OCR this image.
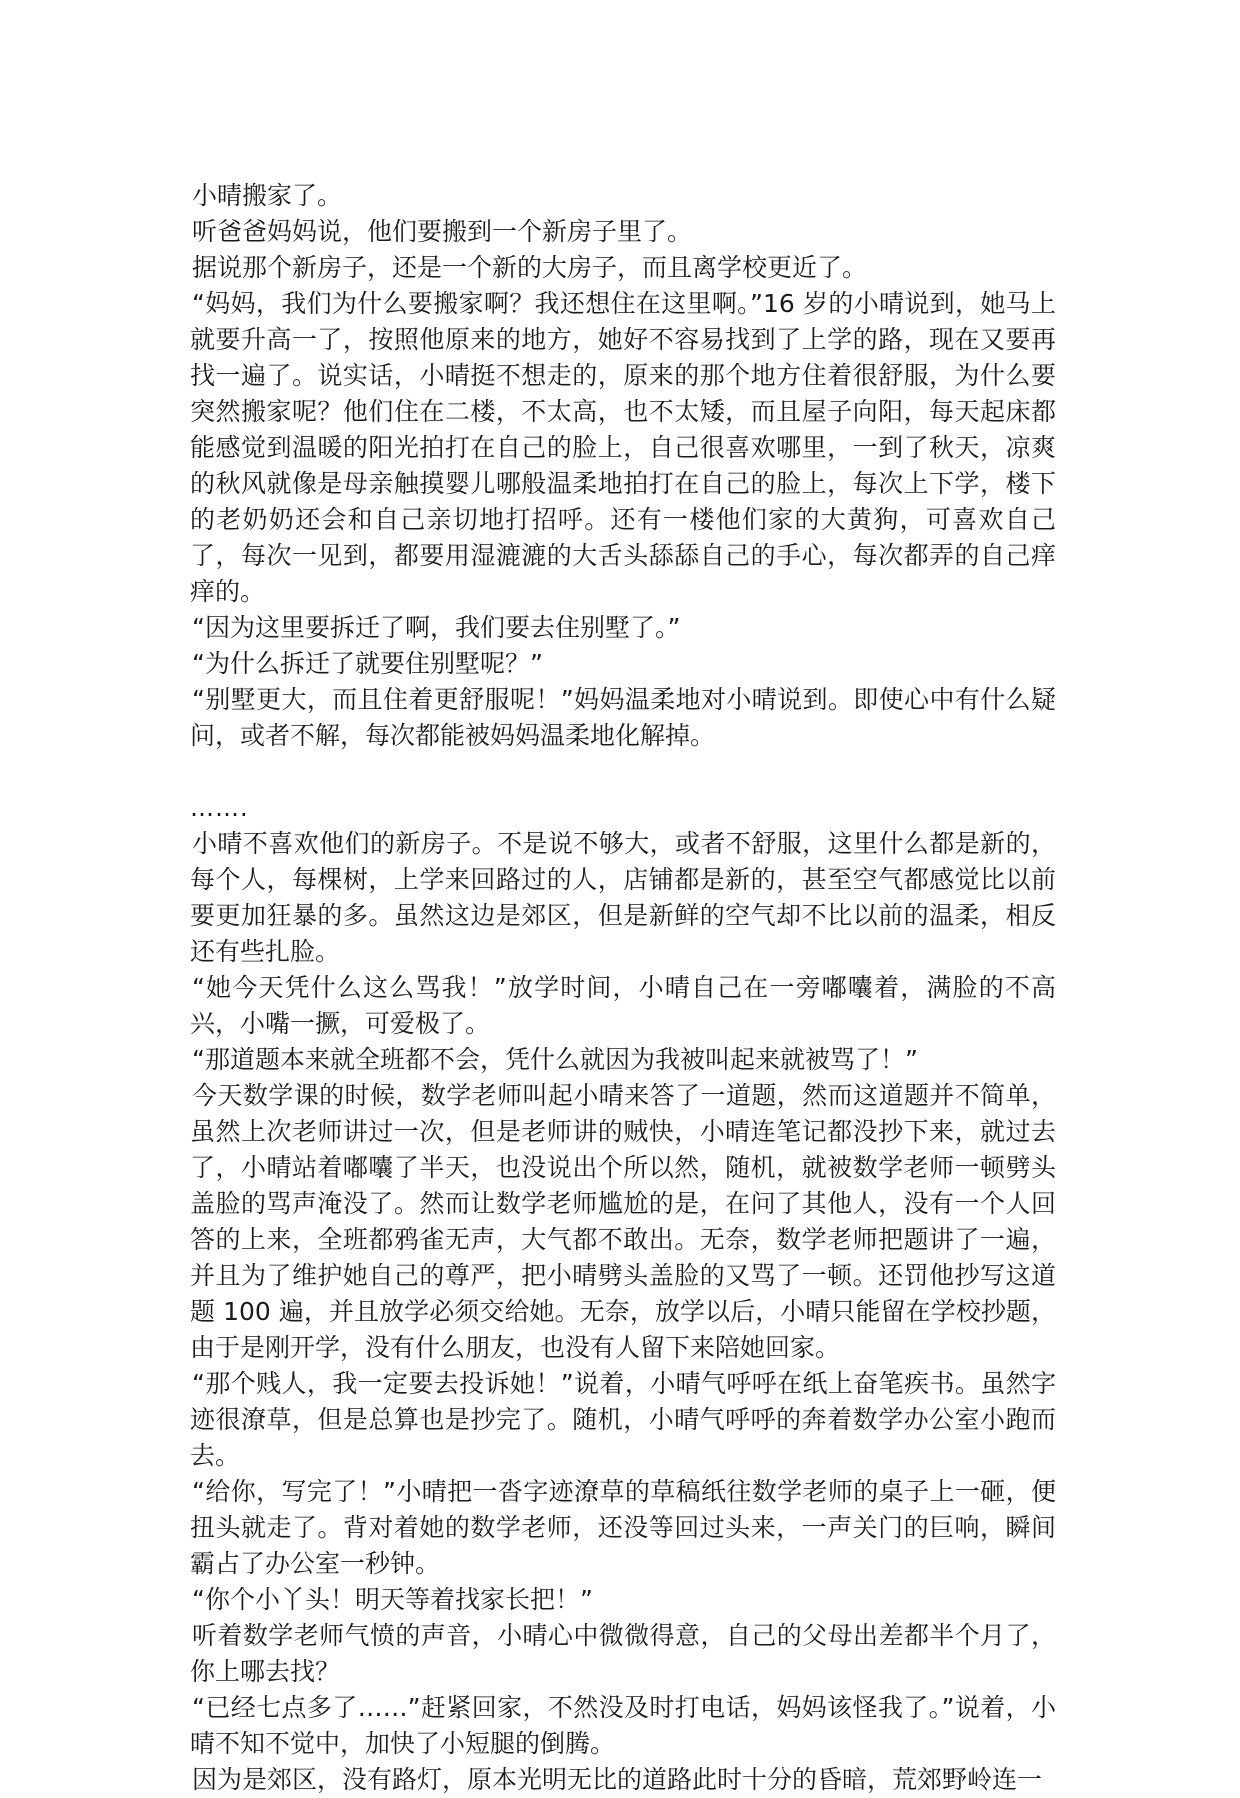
小晴搬家了。

听爸爸妈妈说，他们要搬到一个新房子里了。

据说那个新房子，还是一个新的大房子，而且离学校更近了。

“妈妈，我们为什么要搬家啊？我还想住在这里啊。”16 岁的小晴说到，她马上就要升高一了，按照他原来的地方，她好不容易找到了上学的路，现在又要再找一遍了。说实话，小晴挺不想走的，原来的那个地方住着很舒服，为什么要突然搬家呢？他们住在二楼，不太高，也不太矮，而且屋子向阳，每天起床都能感觉到温暖的阳光拍打在自己的脸上，自己很喜欢哪里，一到了秋天，凉爽的秋风就像是母亲触摸婴儿哪般温柔地拍打在自己的脸上，每次上下学，楼下的老奶奶还会和自己亲切地打招呼。还有一楼他们家的大黄狗，可喜欢自己了，每次一见到，都要用湿漉漉的大舌头舔舔自己的手心，每次都弄的自己痒痒的。

“因为这里要拆迁了啊，我们要去住别墅了。”

“为什么拆迁了就要住别墅呢？”

“别墅更大，而且住着更舒服呢！”妈妈温柔地对小晴说到。即使心中有什么疑问，或者不解，每次都能被妈妈温柔地化解掉。

…….

小晴不喜欢他们的新房子。不是说不够大，或者不舒服，这里什么都是新的，每个人，每棵树，上学来回路过的人，店铺都是新的，甚至空气都感觉比以前要更加狂暴的多。虽然这边是郊区，但是新鲜的空气却不比以前的温柔，相反还有些扎脸。

“她今天凭什么这么骂我！”放学时间，小晴自己在一旁嘟囔着，满脸的不高兴，小嘴一撅，可爱极了。

“那道题本来就全班都不会，凭什么就因为我被叫起来就被骂了！”

今天数学课的时候，数学老师叫起小晴来答了一道题，然而这道题并不简单，虽然上次老师讲过一次，但是老师讲的贼快，小晴连笔记都没抄下来，就过去了，小晴站着嘟囔了半天，也没说出个所以然，随机，就被数学老师一顿劈头盖脸的骂声淹没了。然而让数学老师尴尬的是，在问了其他人，没有一个人回答的上来，全班都鸦雀无声，大气都不敢出。无奈，数学老师把题讲了一遍，并且为了维护她自己的尊严，把小晴劈头盖脸的又骂了一顿。还罚他抄写这道题 100 遍，并且放学必须交给她。无奈，放学以后，小晴只能留在学校抄题，由于是刚开学，没有什么朋友，也没有人留下来陪她回家。

“那个贱人，我一定要去投诉她！”说着，小晴气呼呼在纸上奋笔疾书。虽然字迹很潦草，但是总算也是抄完了。随机，小晴气呼呼的奔着数学办公室小跑而去。

“给你，写完了！”小晴把一沓字迹潦草的草稿纸往数学老师的桌子上一砸，便扭头就走了。背对着她的数学老师，还没等回过头来，一声关门的巨响，瞬间霸占了办公室一秒钟。

“你个小丫头！明天等着找家长把！”

听着数学老师气愤的声音，小晴心中微微得意，自己的父母出差都半个月了，你上哪去找？

“已经七点多了……”赶紧回家，不然没及时打电话，妈妈该怪我了。”说着，小晴不知不觉中，加快了小短腿的倒腾。

因为是郊区，没有路灯，原本光明无比的道路此时十分的昏暗，荒郊野岭连一
